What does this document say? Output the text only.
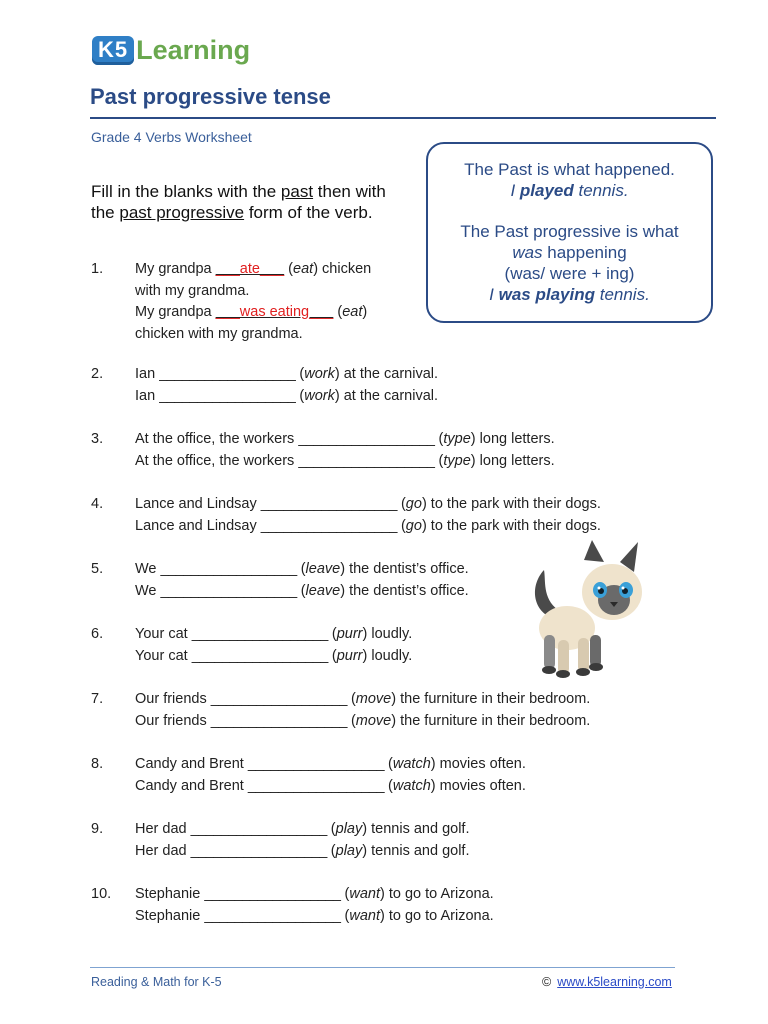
K5 Learning
Past progressive tense
Grade 4 Verbs Worksheet
The Past is what happened.
I played tennis.
The Past progressive is what
was happening
(was/ were + ing)
I was playing tennis.
Fill in the blanks with the past then with the past progressive form of the verb.
1.	My grandpa ___ate___ (eat) chicken
with my grandma.
My grandpa ___was eating___ (eat)
chicken with my grandma.
2.	Ian __________________ (work) at the carnival.
Ian __________________ (work) at the carnival.
3.	At the office, the workers __________________ (type) long letters.
At the office, the workers __________________ (type) long letters.
4.	Lance and Lindsay __________________ (go) to the park with their dogs.
Lance and Lindsay __________________ (go) to the park with their dogs.
5.	We __________________ (leave) the dentist’s office.
We __________________ (leave) the dentist’s office.
6.	Your cat __________________ (purr) loudly.
Your cat __________________ (purr) loudly.
7.	Our friends __________________ (move) the furniture in their bedroom.
Our friends __________________ (move) the furniture in their bedroom.
8.	Candy and Brent __________________ (watch) movies often.
Candy and Brent __________________ (watch) movies often.
9.	Her dad __________________ (play) tennis and golf.
Her dad __________________ (play) tennis and golf.
10.	Stephanie __________________ (want) to go to Arizona.
Stephanie __________________ (want) to go to Arizona.
Reading & Math for K-5	© www.k5learning.com
